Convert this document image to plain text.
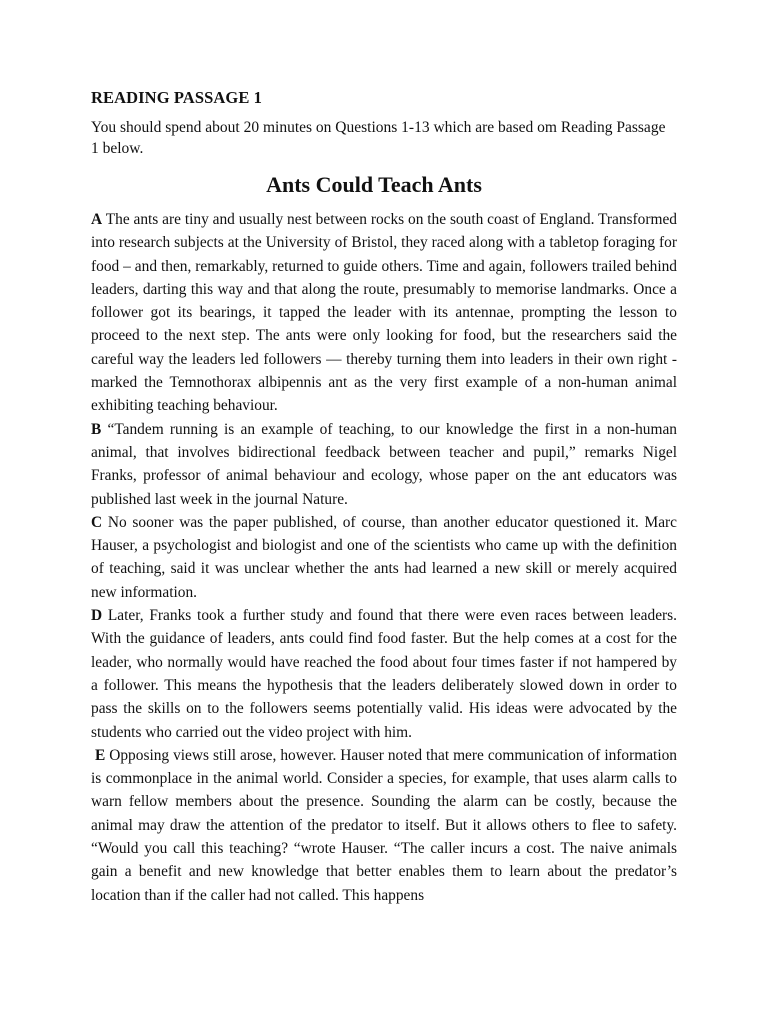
READING PASSAGE 1

You should spend about 20 minutes on Questions 1-13 which are based om Reading Passage 1 below.

Ants Could Teach Ants

A The ants are tiny and usually nest between rocks on the south coast of England. Transformed into research subjects at the University of Bristol, they raced along with a tabletop foraging for food – and then, remarkably, returned to guide others. Time and again, followers trailed behind leaders, darting this way and that along the route, presumably to memorise landmarks. Once a follower got its bearings, it tapped the leader with its antennae, prompting the lesson to proceed to the next step. The ants were only looking for food, but the researchers said the careful way the leaders led followers — thereby turning them into leaders in their own right -marked the Temnothorax albipennis ant as the very first example of a non-human animal exhibiting teaching behaviour.

B “Tandem running is an example of teaching, to our knowledge the first in a non-human animal, that involves bidirectional feedback between teacher and pupil,” remarks Nigel Franks, professor of animal behaviour and ecology, whose paper on the ant educators was published last week in the journal Nature.

C No sooner was the paper published, of course, than another educator questioned it. Marc Hauser, a psychologist and biologist and one of the scientists who came up with the definition of teaching, said it was unclear whether the ants had learned a new skill or merely acquired new information.

D Later, Franks took a further study and found that there were even races between leaders. With the guidance of leaders, ants could find food faster. But the help comes at a cost for the leader, who normally would have reached the food about four times faster if not hampered by a follower. This means the hypothesis that the leaders deliberately slowed down in order to pass the skills on to the followers seems potentially valid. His ideas were advocated by the students who carried out the video project with him.

E Opposing views still arose, however. Hauser noted that mere communication of information is commonplace in the animal world. Consider a species, for example, that uses alarm calls to warn fellow members about the presence. Sounding the alarm can be costly, because the animal may draw the attention of the predator to itself. But it allows others to flee to safety. “Would you call this teaching? “wrote Hauser. “The caller incurs a cost. The naive animals gain a benefit and new knowledge that better enables them to learn about the predator’s location than if the caller had not called. This happens
